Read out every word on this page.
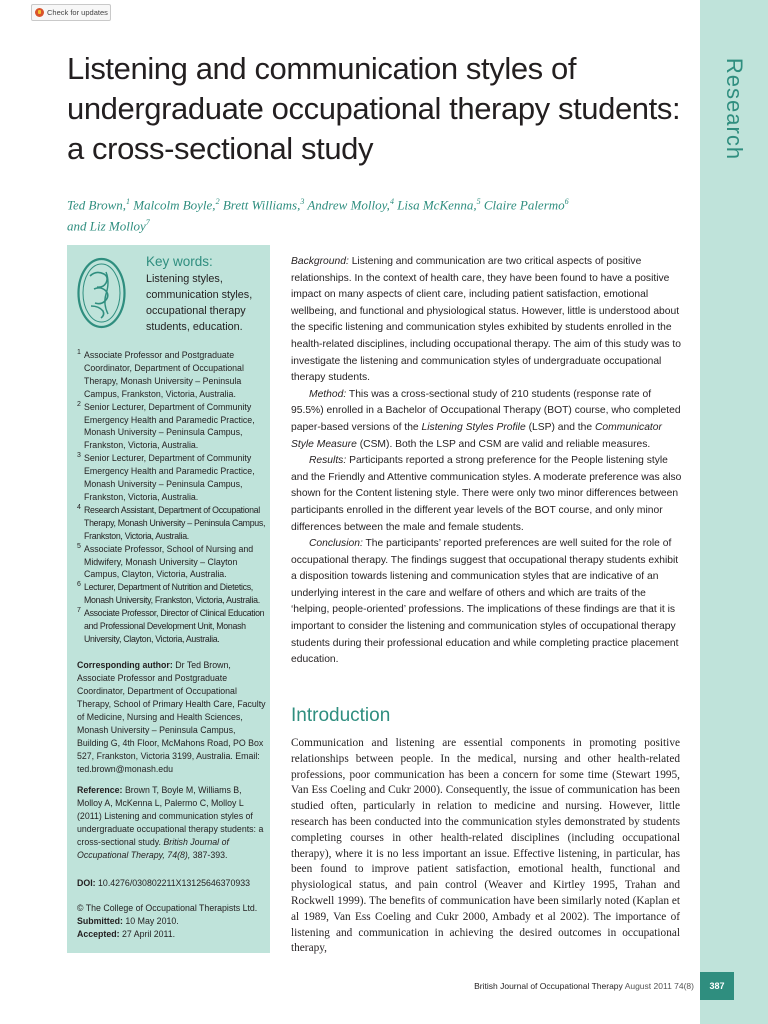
Check for updates
Research
Listening and communication styles of undergraduate occupational therapy students: a cross-sectional study
Ted Brown,$^1$ Malcolm Boyle,$^2$ Brett Williams,$^3$ Andrew Molloy,$^4$ Lisa McKenna,$^5$ Claire Palermo$^6$
and Liz Molloy$^7$
Key words:
Listening styles, communication styles, occupational therapy students, education.
1 Associate Professor and Postgraduate Coordinator, Department of Occupational Therapy, Monash University – Peninsula Campus, Frankston, Victoria, Australia.
2 Senior Lecturer, Department of Community Emergency Health and Paramedic Practice, Monash University – Peninsula Campus, Frankston, Victoria, Australia.
3 Senior Lecturer, Department of Community Emergency Health and Paramedic Practice, Monash University – Peninsula Campus, Frankston, Victoria, Australia.
4 Research Assistant, Department of Occupational Therapy, Monash University – Peninsula Campus, Frankston, Victoria, Australia.
5 Associate Professor, School of Nursing and Midwifery, Monash University – Clayton Campus, Clayton, Victoria, Australia.
6 Lecturer, Department of Nutrition and Dietetics, Monash University, Frankston, Victoria, Australia.
7 Associate Professor, Director of Clinical Education and Professional Development Unit, Monash University, Clayton, Victoria, Australia.
Corresponding author: Dr Ted Brown, Associate Professor and Postgraduate Coordinator, Department of Occupational Therapy, School of Primary Health Care, Faculty of Medicine, Nursing and Health Sciences, Monash University – Peninsula Campus, Building G, 4th Floor, McMahons Road, PO Box 527, Frankston, Victoria 3199, Australia. Email: ted.brown@monash.edu
Reference: Brown T, Boyle M, Williams B, Molloy A, McKenna L, Palermo C, Molloy L (2011) Listening and communication styles of undergraduate occupational therapy students: a cross-sectional study. British Journal of Occupational Therapy, 74(8), 387-393.
DOI: 10.4276/030802211X13125646370933
© The College of Occupational Therapists Ltd.
Submitted: 10 May 2010.
Accepted: 27 April 2011.

Background: Listening and communication are two critical aspects of positive relationships. In the context of health care, they have been found to have a positive impact on many aspects of client care, including patient satisfaction, emotional wellbeing, and functional and physiological status. However, little is understood about the specific listening and communication styles exhibited by students enrolled in the health-related disciplines, including occupational therapy. The aim of this study was to investigate the listening and communication styles of undergraduate occupational therapy students.

Method: This was a cross-sectional study of 210 students (response rate of 95.5%) enrolled in a Bachelor of Occupational Therapy (BOT) course, who completed paper-based versions of the Listening Styles Profile (LSP) and the Communicator Style Measure (CSM). Both the LSP and CSM are valid and reliable measures.

Results: Participants reported a strong preference for the People listening style and the Friendly and Attentive communication styles. A moderate preference was also shown for the Content listening style. There were only two minor differences between participants enrolled in the different year levels of the BOT course, and only minor differences between the male and female students.

Conclusion: The participants’ reported preferences are well suited for the role of occupational therapy. The findings suggest that occupational therapy students exhibit a disposition towards listening and communication styles that are indicative of an underlying interest in the care and welfare of others and which are traits of the ‘helping, people-oriented’ professions. The implications of these findings are that it is important to consider the listening and communication styles of occupational therapy students during their professional education and while completing practice placement education.

Introduction

Communication and listening are essential components in promoting positive relationships between people. In the medical, nursing and other health-related professions, poor communication has been a concern for some time (Stewart 1995, Van Ess Coeling and Cukr 2000). Consequently, the issue of communication has been studied often, particularly in relation to medicine and nursing. However, little research has been conducted into the communication styles demonstrated by students completing courses in other health-related disciplines (including occupational therapy), where it is no less important an issue. Effective listening, in particular, has been found to improve patient satisfaction, emotional health, functional and physiological status, and pain control (Weaver and Kirtley 1995, Trahan and Rockwell 1999). The benefits of communication have been similarly noted (Kaplan et al 1989, Van Ess Coeling and Cukr 2000, Ambady et al 2002). The importance of listening and communication in achieving the desired outcomes in occupational therapy,

British Journal of Occupational Therapy August 2011 74(8)	387
